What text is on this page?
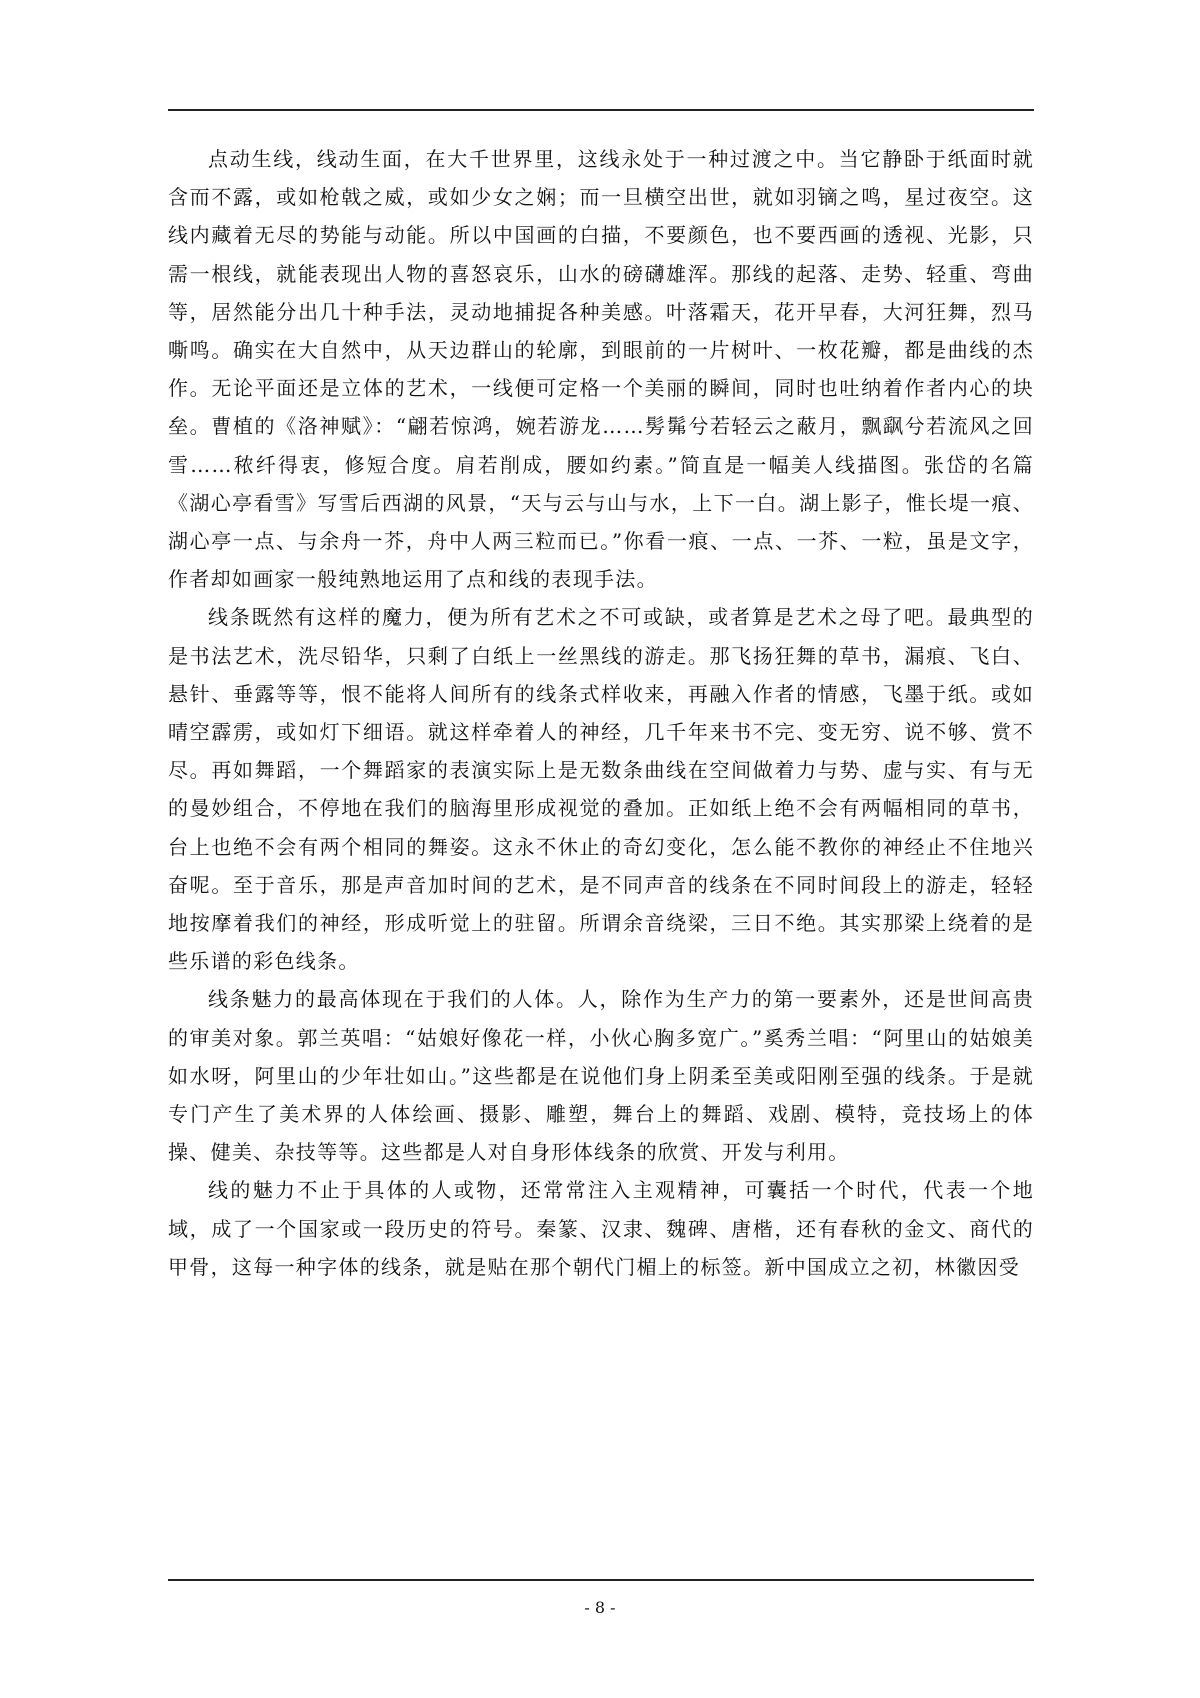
点动生线，线动生面，在大千世界里，这线永处于一种过渡之中。当它静卧于纸面时就含而不露，或如枪戟之威，或如少女之娴；而一旦横空出世，就如羽镝之鸣，星过夜空。这线内藏着无尽的势能与动能。所以中国画的白描，不要颜色，也不要西画的透视、光影，只需一根线，就能表现出人物的喜怒哀乐，山水的磅礴雄浑。那线的起落、走势、轻重、弯曲等，居然能分出几十种手法，灵动地捕捉各种美感。叶落霜天，花开早春，大河狂舞，烈马嘶鸣。确实在大自然中，从天边群山的轮廓，到眼前的一片树叶、一枚花瓣，都是曲线的杰作。无论平面还是立体的艺术，一线便可定格一个美丽的瞬间，同时也吐纳着作者内心的块垒。曹植的《洛神赋》：“翩若惊鸿，婉若游龙……髣髴兮若轻云之蔽月，飘飖兮若流风之回雪……秾纤得衷，修短合度。肩若削成，腰如约素。”简直是一幅美人线描图。张岱的名篇《湖心亭看雪》写雪后西湖的风景，“天与云与山与水，上下一白。湖上影子，惟长堤一痕、湖心亭一点、与余舟一芥，舟中人两三粒而已。”你看一痕、一点、一芥、一粒，虽是文字，作者却如画家一般纯熟地运用了点和线的表现手法。

线条既然有这样的魔力，便为所有艺术之不可或缺，或者算是艺术之母了吧。最典型的是书法艺术，洗尽铅华，只剩了白纸上一丝黑线的游走。那飞扬狂舞的草书，漏痕、飞白、悬针、垂露等等，恨不能将人间所有的线条式样收来，再融入作者的情感，飞墨于纸。或如晴空霹雳，或如灯下细语。就这样牵着人的神经，几千年来书不完、变无穷、说不够、赏不尽。再如舞蹈，一个舞蹈家的表演实际上是无数条曲线在空间做着力与势、虚与实、有与无的曼妙组合，不停地在我们的脑海里形成视觉的叠加。正如纸上绝不会有两幅相同的草书，台上也绝不会有两个相同的舞姿。这永不休止的奇幻变化，怎么能不教你的神经止不住地兴奋呢。至于音乐，那是声音加时间的艺术，是不同声音的线条在不同时间段上的游走，轻轻地按摩着我们的神经，形成听觉上的驻留。所谓余音绕梁，三日不绝。其实那梁上绕着的是些乐谱的彩色线条。

线条魅力的最高体现在于我们的人体。人，除作为生产力的第一要素外，还是世间高贵的审美对象。郭兰英唱：“姑娘好像花一样，小伙心胸多宽广。”奚秀兰唱：“阿里山的姑娘美如水呀，阿里山的少年壮如山。”这些都是在说他们身上阴柔至美或阳刚至强的线条。于是就专门产生了美术界的人体绘画、摄影、雕塑，舞台上的舞蹈、戏剧、模特，竞技场上的体操、健美、杂技等等。这些都是人对自身形体线条的欣赏、开发与利用。

线的魅力不止于具体的人或物，还常常注入主观精神，可囊括一个时代，代表一个地域，成了一个国家或一段历史的符号。秦篆、汉隶、魏碑、唐楷，还有春秋的金文、商代的甲骨，这每一种字体的线条，就是贴在那个朝代门楣上的标签。新中国成立之初，林徽因受

- 8 -
